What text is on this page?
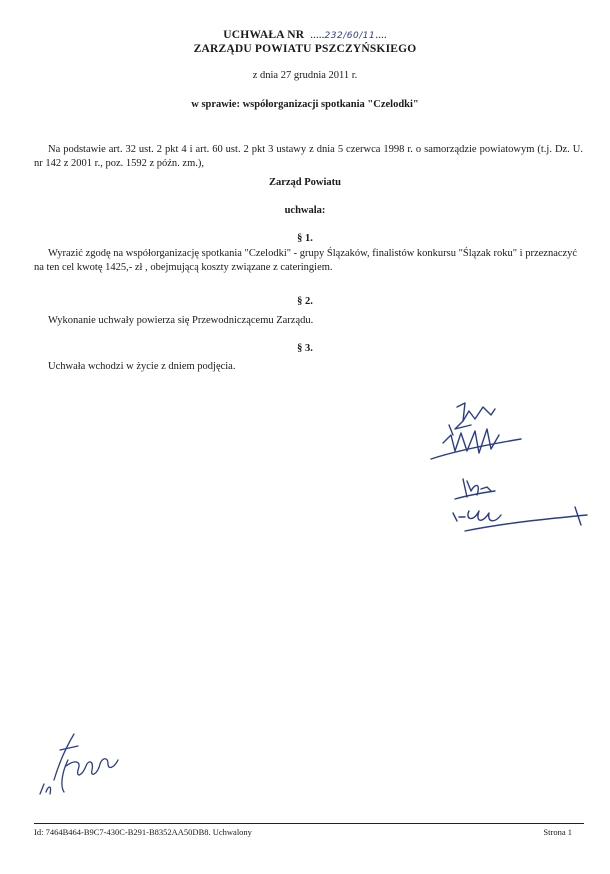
UCHWAŁA NR  .....232/60/11....
ZARZĄDU POWIATU PSZCZYŃSKIEGO
z dnia 27 grudnia 2011 r.
w sprawie: współorganizacji spotkania "Czelodki"
Na podstawie art. 32 ust. 2 pkt 4 i art. 60 ust. 2 pkt 3 ustawy z dnia 5 czerwca 1998 r. o samorządzie powiatowym (t.j. Dz. U. nr 142 z 2001 r., poz. 1592 z późn. zm.),
Zarząd Powiatu
uchwala:
§ 1.
Wyrazić zgodę na współorganizację spotkania "Czelodki" - grupy Ślązaków, finalistów konkursu "Ślązak roku" i przeznaczyć na ten cel kwotę 1425,- zł , obejmującą koszty związane z cateringiem.
§ 2.
Wykonanie uchwały powierza się Przewodniczącemu Zarządu.
§ 3.
Uchwała wchodzi w życie z dniem podjęcia.
Id: 7464B464-B9C7-430C-B291-B8352AA50DB8. Uchwalony	Strona 1
